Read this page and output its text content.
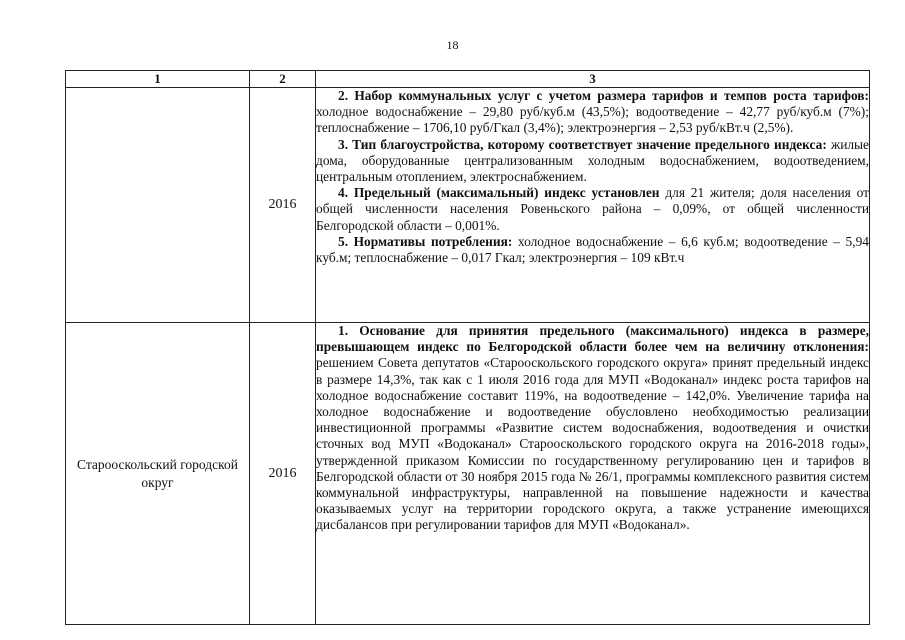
18
1	2	3
	2016	2. Набор коммунальных услуг с учетом размера тарифов и темпов роста тарифов: холодное водоснабжение – 29,80 руб/куб.м (43,5%); водоотведение – 42,77 руб/куб.м (7%); теплоснабжение – 1706,10 руб/Гкал (3,4%); электроэнергия – 2,53 руб/кВт.ч (2,5%).

3. Тип благоустройства, которому соответствует значение предельного индекса: жилые дома, оборудованные централизованным холодным водоснабжением, водоотведением, центральным отоплением, электроснабжением.

4. Предельный (максимальный) индекс установлен для 21 жителя; доля населения от общей численности населения Ровеньского района – 0,09%, от общей численности Белгородской области – 0,001%.

5. Нормативы потребления: холодное водоснабжение – 6,6 куб.м; водоотведение – 5,94 куб.м; теплоснабжение – 0,017 Гкал; электроэнергия – 109 кВт.ч

Старооскольский городской округ	2016	1. Основание для принятия предельного (максимального) индекса в размере, превышающем индекс по Белгородской области более чем на величину отклонения: решением Совета депутатов «Старооскольского городского округа» принят предельный индекс в размере 14,3%, так как с 1 июля 2016 года для МУП «Водоканал» индекс роста тарифов на холодное водоснабжение составит 119%, на водоотведение – 142,0%. Увеличение тарифа на холодное водоснабжение и водоотведение обусловлено необходимостью реализации инвестиционной программы «Развитие систем водоснабжения, водоотведения и очистки сточных вод МУП «Водоканал» Старооскольского городского округа на 2016-2018 годы», утвержденной приказом Комиссии по государственному регулированию цен и тарифов в Белгородской области от 30 ноября 2015 года № 26/1, программы комплексного развития систем коммунальной инфраструктуры, направленной на повышение надежности и качества оказываемых услуг на территории городского округа, а также устранение имеющихся дисбалансов при регулировании тарифов для МУП «Водоканал».
